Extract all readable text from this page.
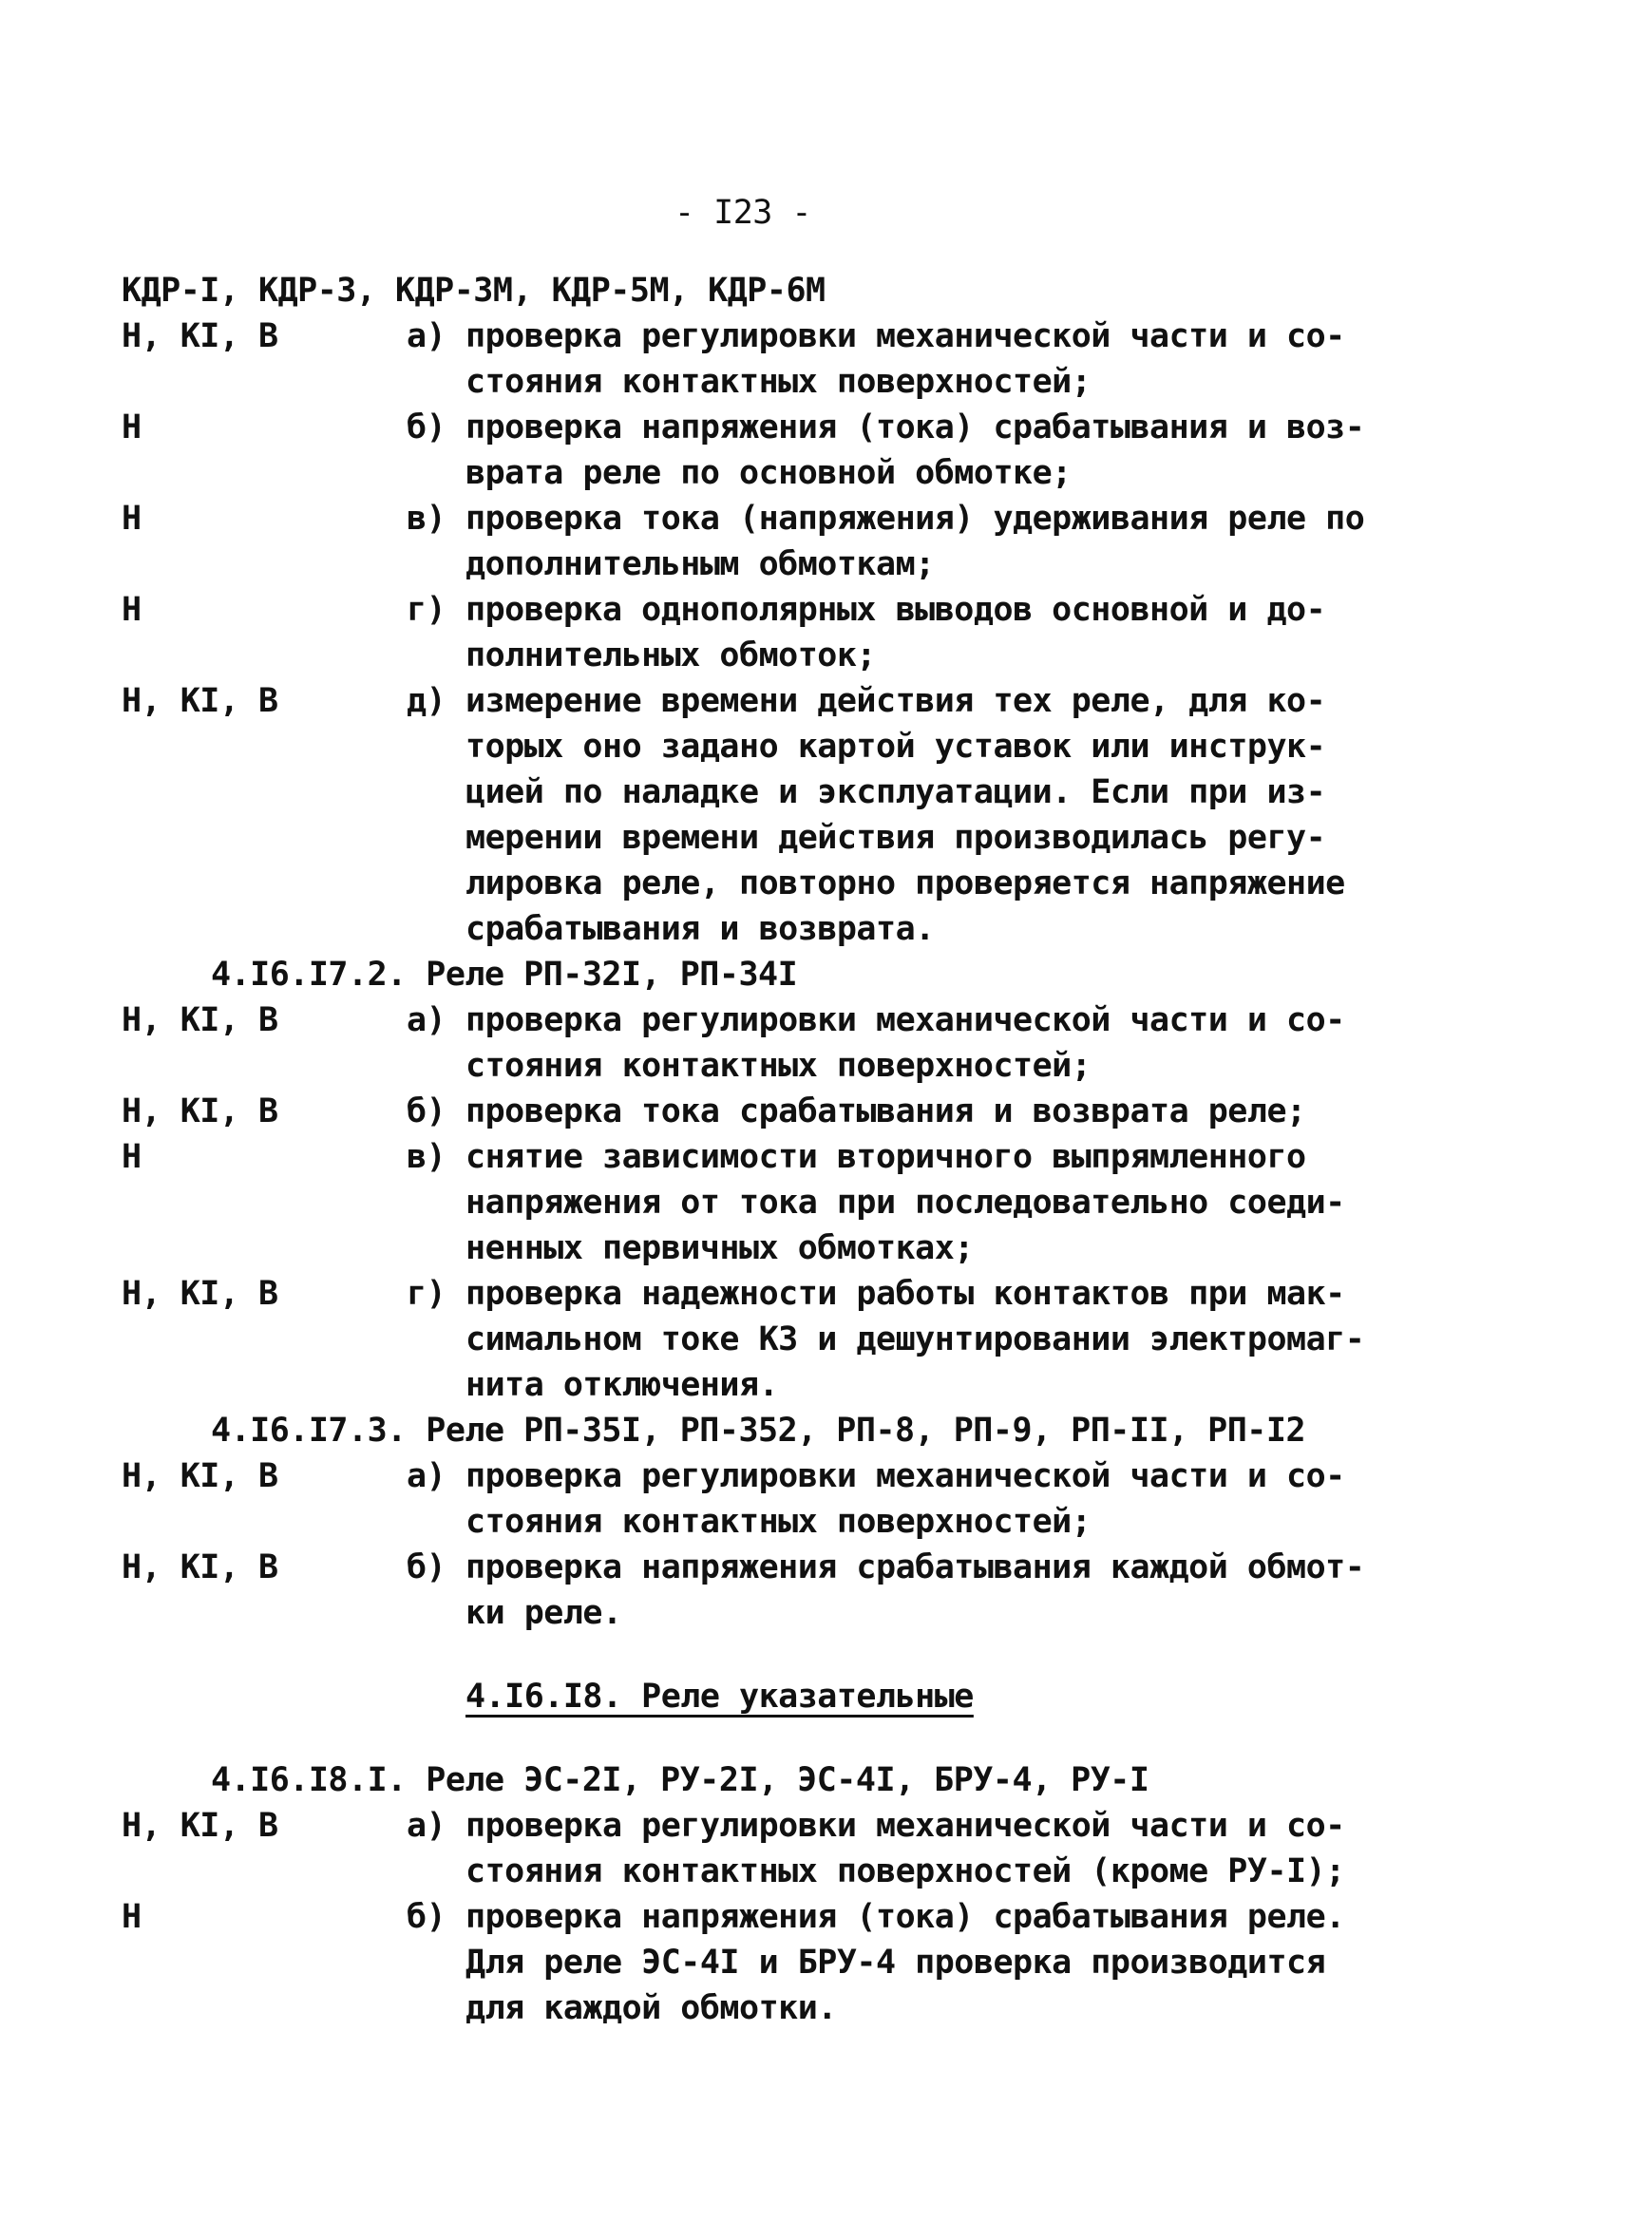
- I23 -
КДР-I, КДР-3, КДР-3М, КДР-5М, КДР-6М
Н, КI, В	а) проверка регулировки механической части и со-
стояния контактных поверхностей;
Н	б) проверка напряжения (тока) срабатывания и воз-
врата реле по основной обмотке;
Н	в) проверка тока (напряжения) удерживания реле по
дополнительным обмоткам;
Н	г) проверка однополярных выводов основной и до-
полнительных обмоток;
Н, КI, В	д) измерение времени действия тех реле, для ко-
торых оно задано картой уставок или инструк-
цией по наладке и эксплуатации. Если при из-
мерении времени действия производилась регу-
лировка реле, повторно проверяется напряжение
срабатывания и возврата.
4.I6.I7.2. Реле РП-32I, РП-34I
Н, КI, В	а) проверка регулировки механической части и со-
стояния контактных поверхностей;
Н, КI, В	б) проверка тока срабатывания и возврата реле;
Н	в) снятие зависимости вторичного выпрямленного
напряжения от тока при последовательно соеди-
ненных первичных обмотках;
Н, КI, В	г) проверка надежности работы контактов при мак-
симальном токе КЗ и дешунтировании электромаг-
нита отключения.
4.I6.I7.3. Реле РП-35I, РП-352, РП-8, РП-9, РП-II, РП-I2
Н, КI, В	а) проверка регулировки механической части и со-
стояния контактных поверхностей;
Н, КI, В	б) проверка напряжения срабатывания каждой обмот-
ки реле.
4.I6.I8. Реле указательные
4.I6.I8.I. Реле ЭС-2I, РУ-2I, ЭС-4I, БРУ-4, РУ-I
Н, КI, В	а) проверка регулировки механической части и со-
стояния контактных поверхностей (кроме РУ-I);
Н	б) проверка напряжения (тока) срабатывания реле.
Для реле ЭС-4I и БРУ-4 проверка производится
для каждой обмотки.
